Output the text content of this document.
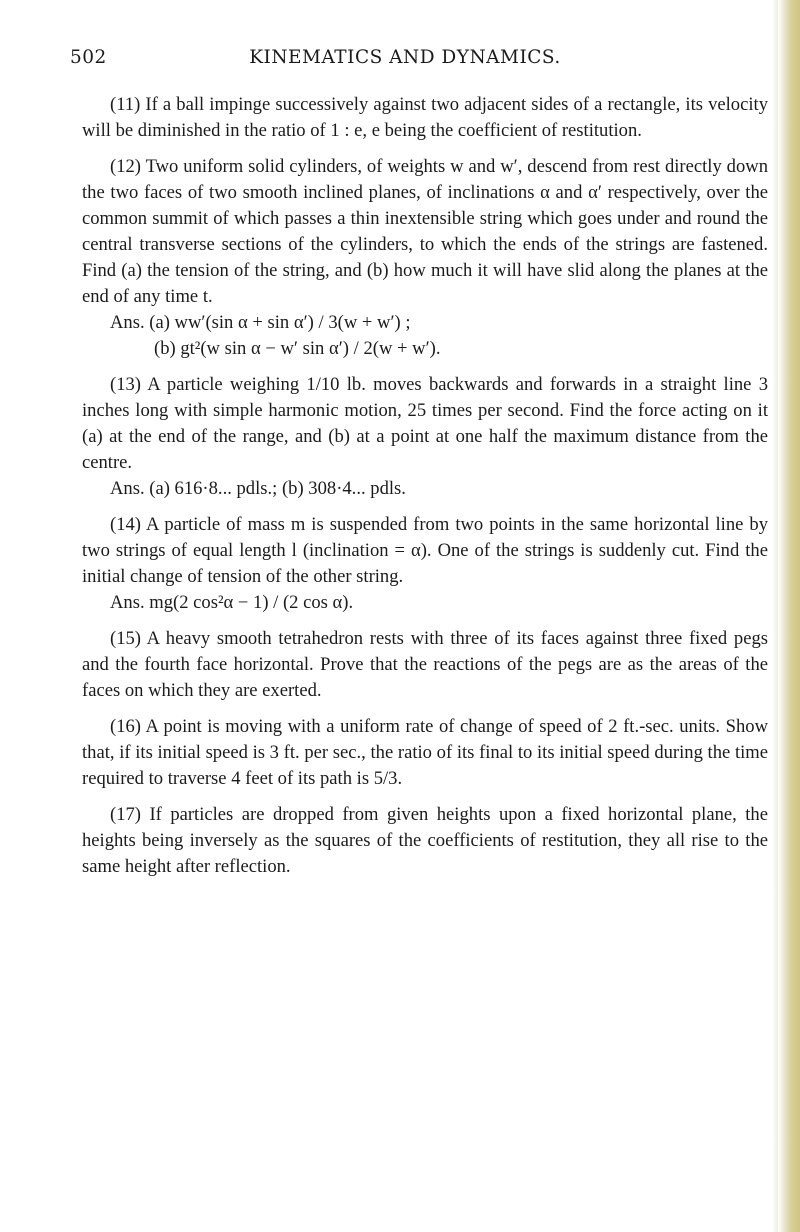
502	KINEMATICS AND DYNAMICS.

(11) If a ball impinge successively against two adjacent sides of a rectangle, its velocity will be diminished in the ratio of 1 : e, e being the coefficient of restitution.

(12) Two uniform solid cylinders, of weights w and w′, descend from rest directly down the two faces of two smooth inclined planes, of inclinations α and α′ respectively, over the common summit of which passes a thin inextensible string which goes under and round the central transverse sections of the cylinders, to which the ends of the strings are fastened. Find (a) the tension of the string, and (b) how much it will have slid along the planes at the end of any time t.

Ans. (a) ww′(sin α + sin α′) / 3(w + w′) ;

(b) gt²(w sin α − w′ sin α′) / 2(w + w′).

(13) A particle weighing 1/10 lb. moves backwards and forwards in a straight line 3 inches long with simple harmonic motion, 25 times per second. Find the force acting on it (a) at the end of the range, and (b) at a point at one half the maximum distance from the centre.

Ans. (a) 616·8... pdls.; (b) 308·4... pdls.

(14) A particle of mass m is suspended from two points in the same horizontal line by two strings of equal length l (inclination = α). One of the strings is suddenly cut. Find the initial change of tension of the other string.

Ans. mg(2 cos²α − 1) / (2 cos α).

(15) A heavy smooth tetrahedron rests with three of its faces against three fixed pegs and the fourth face horizontal. Prove that the reactions of the pegs are as the areas of the faces on which they are exerted.

(16) A point is moving with a uniform rate of change of speed of 2 ft.-sec. units. Show that, if its initial speed is 3 ft. per sec., the ratio of its final to its initial speed during the time required to traverse 4 feet of its path is 5/3.

(17) If particles are dropped from given heights upon a fixed horizontal plane, the heights being inversely as the squares of the coefficients of restitution, they all rise to the same height after reflection.
